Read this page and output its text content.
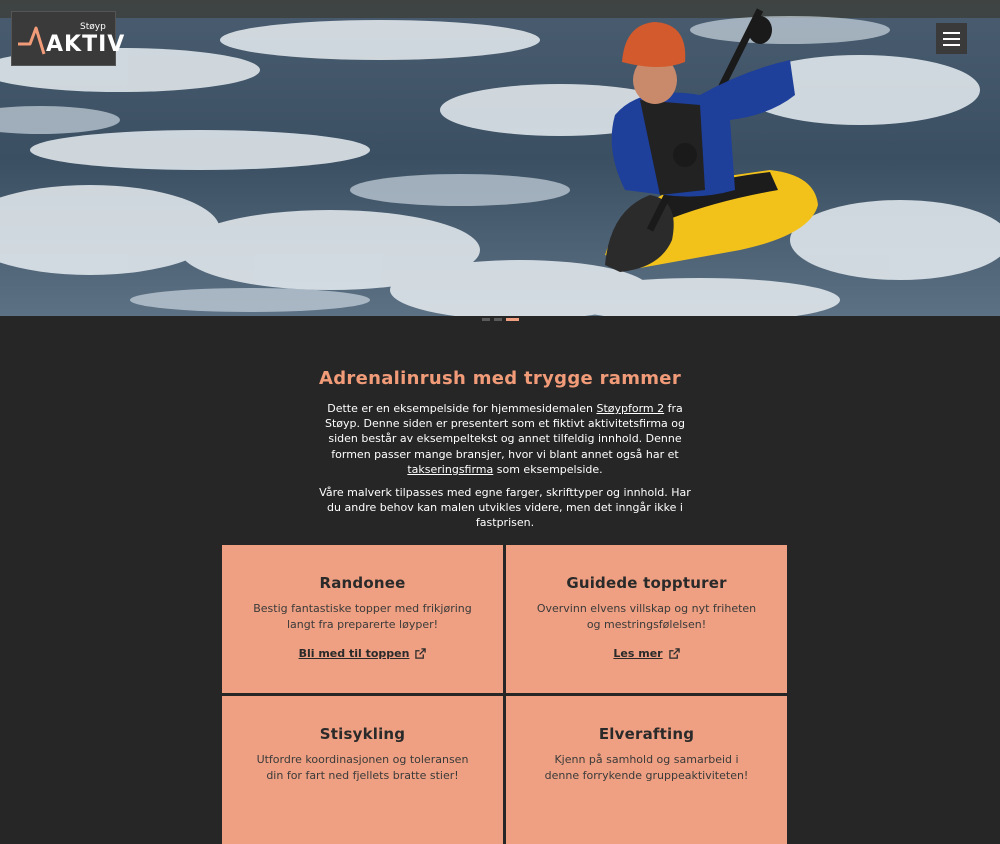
Støyp
AKTIV
Adrenalinrush med trygge rammer

Dette er en eksempelside for hjemmesidemalen Støypform 2 fra Støyp. Denne siden er presentert som et fiktivt aktivitetsfirma og siden består av eksempeltekst og annet tilfeldig innhold. Denne formen passer mange bransjer, hvor vi blant annet også har et takseringsfirma som eksempelside.

Våre malverk tilpasses med egne farger, skrifttyper og innhold. Har du andre behov kan malen utvikles videre, men det inngår ikke i fastprisen.

Randonee
Bestig fantastiske topper med frikjøring langt fra preparerte løyper!
Bli med til toppen
Guidede toppturer
Overvinn elvens villskap og nyt friheten og mestringsfølelsen!
Les mer
Stisykling
Utfordre koordinasjonen og toleransen din for fart ned fjellets bratte stier!
Elverafting
Kjenn på samhold og samarbeid i denne forrykende gruppeaktiviteten!
